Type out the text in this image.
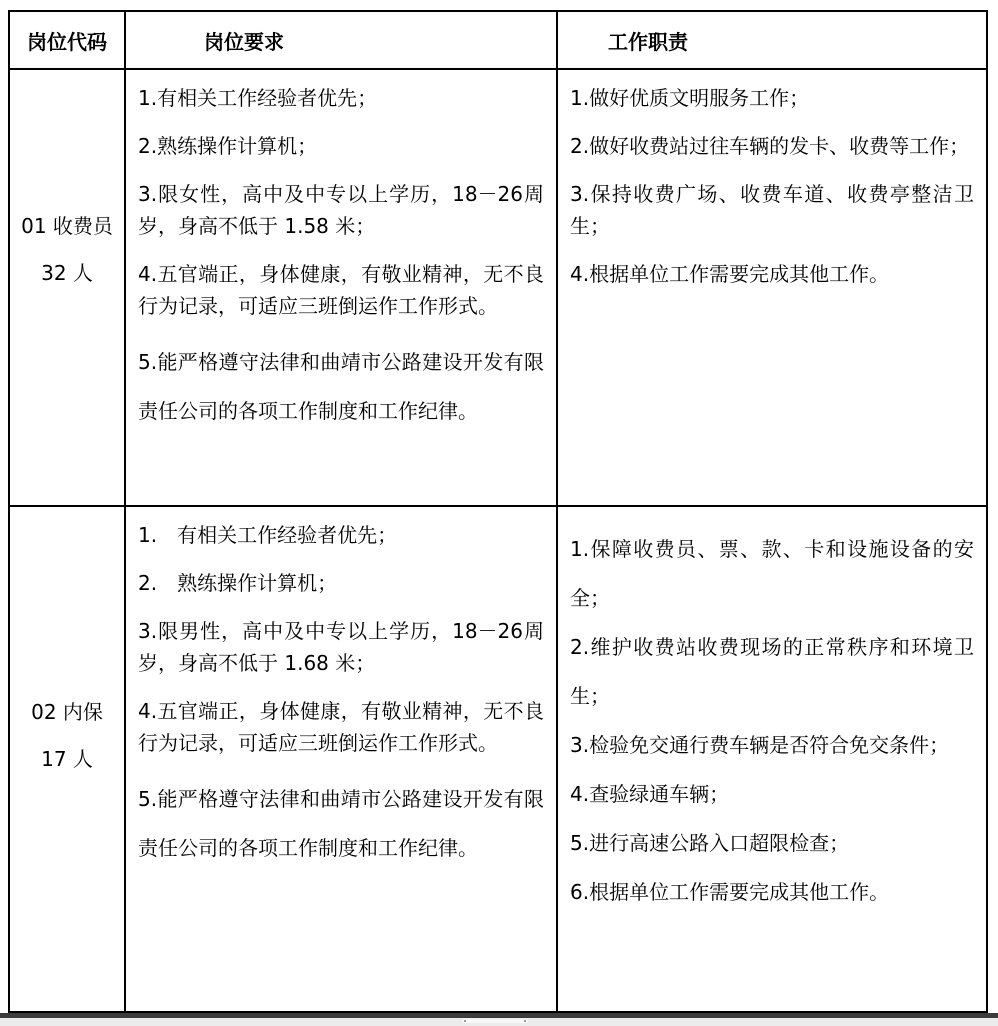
岗位代码	岗位要求	工作职责
01 收费员
32 人

1.有相关工作经验者优先；

2.熟练操作计算机；

3.限女性，高中及中专以上学历，18－26周岁，身高不低于 1.58 米；

4.五官端正，身体健康，有敬业精神，无不良行为记录，可适应三班倒运作工作形式。

5.能严格遵守法律和曲靖市公路建设开发有限责任公司的各项工作制度和工作纪律。

1.做好优质文明服务工作；

2.做好收费站过往车辆的发卡、收费等工作；

3.保持收费广场、收费车道、收费亭整洁卫生；

4.根据单位工作需要完成其他工作。

02 内保
17 人

1.　有相关工作经验者优先；

2.　熟练操作计算机；

3.限男性，高中及中专以上学历，18－26周岁，身高不低于 1.68 米；

4.五官端正，身体健康，有敬业精神，无不良行为记录，可适应三班倒运作工作形式。

5.能严格遵守法律和曲靖市公路建设开发有限责任公司的各项工作制度和工作纪律。

1.保障收费员、票、款、卡和设施设备的安全；

2.维护收费站收费现场的正常秩序和环境卫生；

3.检验免交通行费车辆是否符合免交条件；

4.查验绿通车辆；

5.进行高速公路入口超限检查；

6.根据单位工作需要完成其他工作。
